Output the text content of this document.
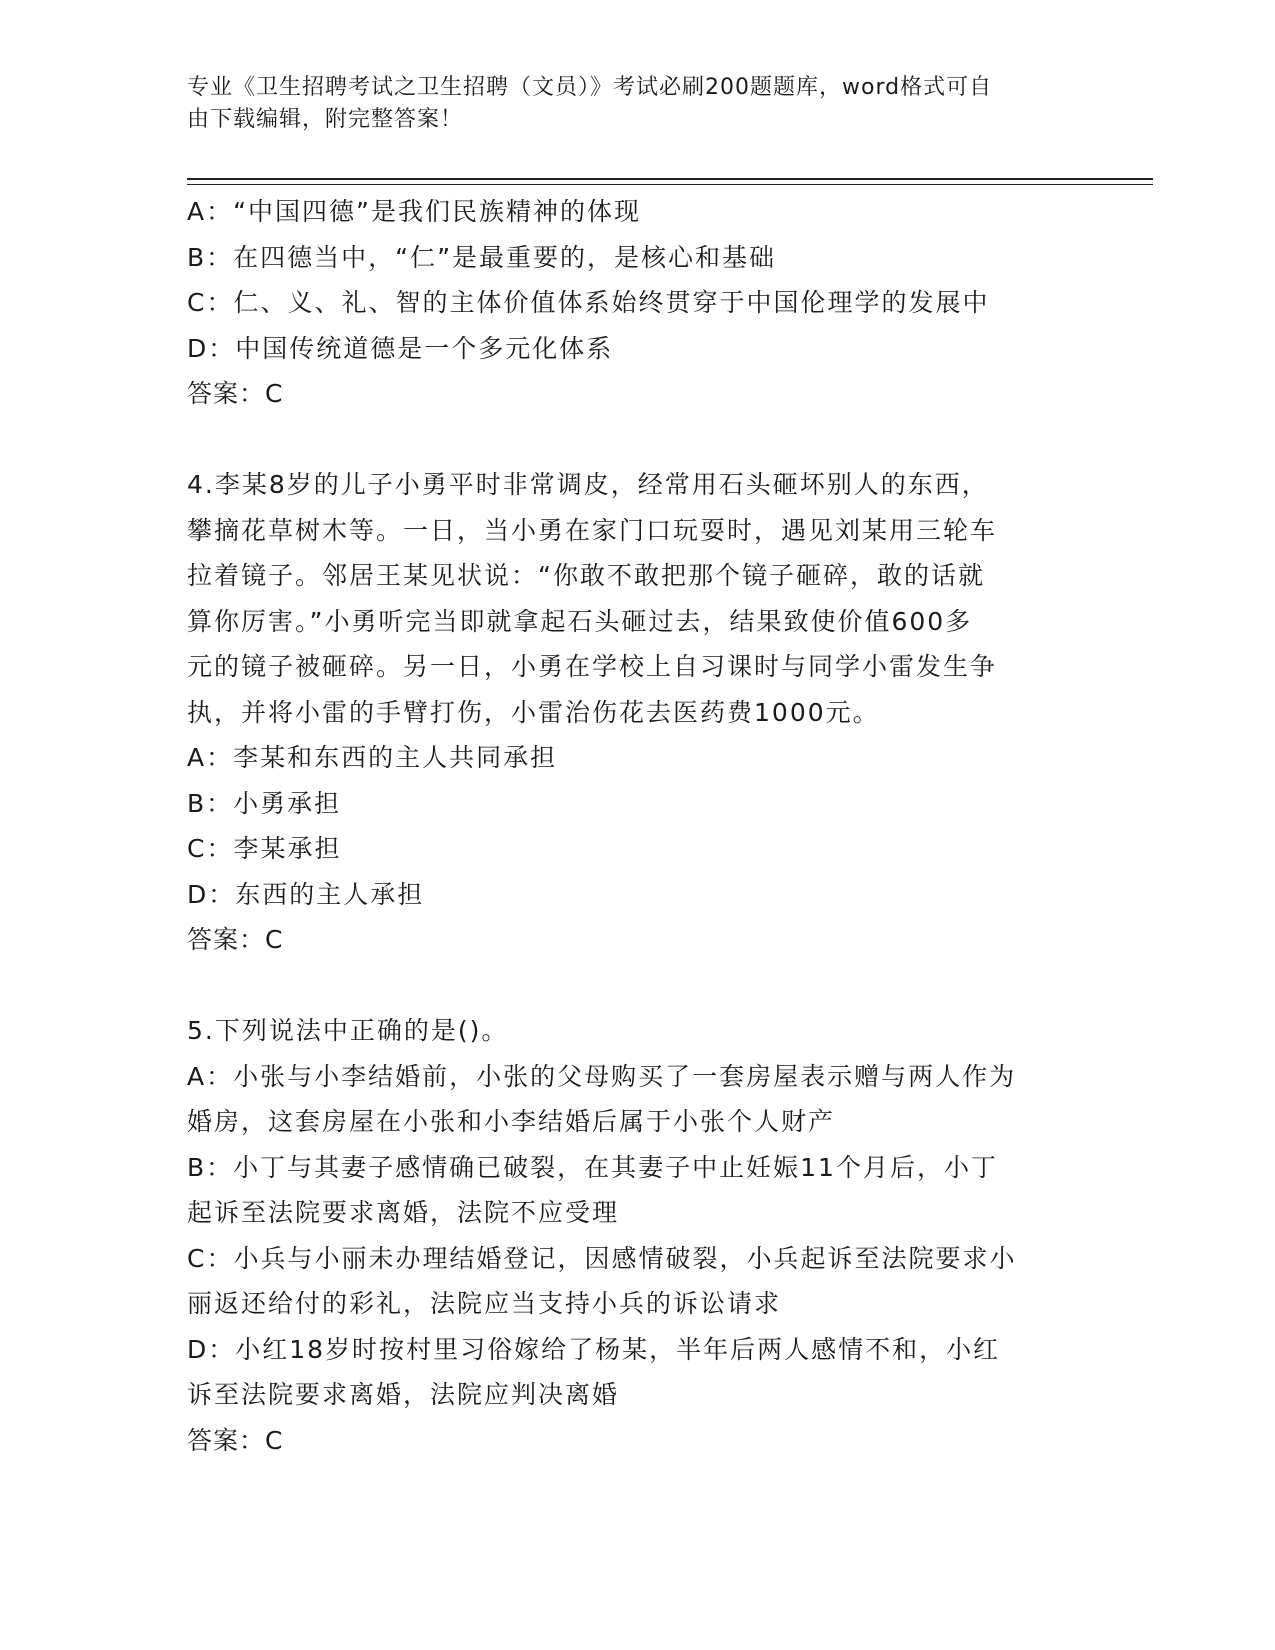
专业《卫生招聘考试之卫生招聘（文员）》考试必刷200题题库，word格式可自
由下载编辑，附完整答案！
A：“中国四德”是我们民族精神的体现
B：在四德当中，“仁”是最重要的，是核心和基础
C：仁、义、礼、智的主体价值体系始终贯穿于中国伦理学的发展中
D：中国传统道德是一个多元化体系
答案：C
4.李某8岁的儿子小勇平时非常调皮，经常用石头砸坏别人的东西，
攀摘花草树木等。一日，当小勇在家门口玩耍时，遇见刘某用三轮车
拉着镜子。邻居王某见状说：“你敢不敢把那个镜子砸碎，敢的话就
算你厉害。”小勇听完当即就拿起石头砸过去，结果致使价值600多
元的镜子被砸碎。另一日，小勇在学校上自习课时与同学小雷发生争
执，并将小雷的手臂打伤，小雷治伤花去医药费1000元。
A：李某和东西的主人共同承担
B：小勇承担
C：李某承担
D：东西的主人承担
答案：C
5.下列说法中正确的是()。
A：小张与小李结婚前，小张的父母购买了一套房屋表示赠与两人作为
婚房，这套房屋在小张和小李结婚后属于小张个人财产
B：小丁与其妻子感情确已破裂，在其妻子中止妊娠11个月后，小丁
起诉至法院要求离婚，法院不应受理
C：小兵与小丽未办理结婚登记，因感情破裂，小兵起诉至法院要求小
丽返还给付的彩礼，法院应当支持小兵的诉讼请求
D：小红18岁时按村里习俗嫁给了杨某，半年后两人感情不和，小红
诉至法院要求离婚，法院应判决离婚
答案：C
